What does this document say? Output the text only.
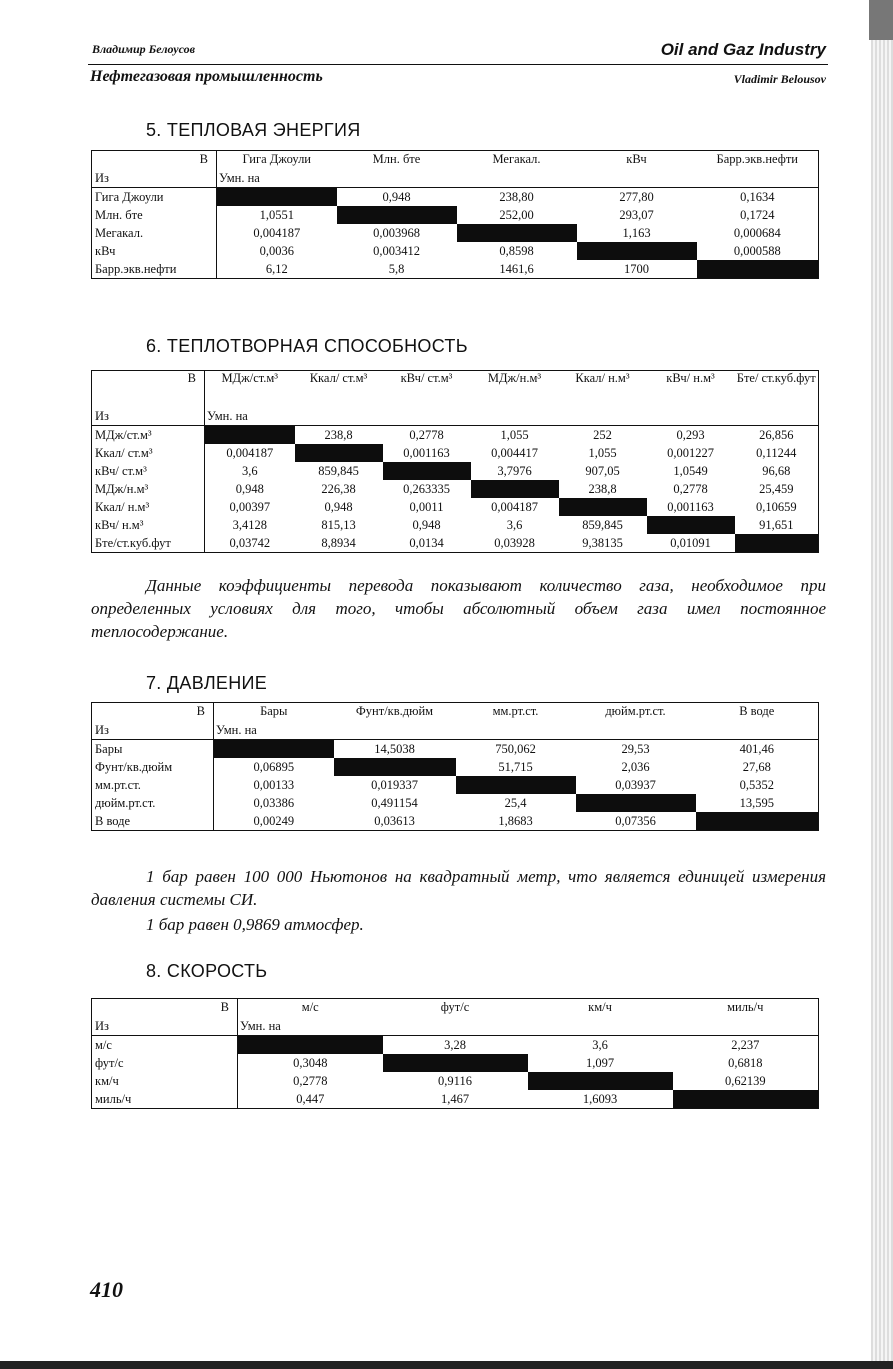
Владимир Белоусов	Oil and Gaz Industry
Нефтегазовая промышленность	Vladimir Belousov
5. ТЕПЛОВАЯ ЭНЕРГИЯ
В	Гига Джоули	Млн. бте	Мегакал.	кВч	Барр.экв.нефти
Из	Умн. на				
Гига Джоули		0,948	238,80	277,80	0,1634
Млн. бте	1,0551		252,00	293,07	0,1724
Мегакал.	0,004187	0,003968		1,163	0,000684
кВч	0,0036	0,003412	0,8598		0,000588
Барр.экв.нефти	6,12	5,8	1461,6	1700	
6. ТЕПЛОТВОРНАЯ СПОСОБНОСТЬ
В	МДж/ст.м³	Ккал/ ст.м³	кВч/ ст.м³	МДж/н.м³	Ккал/ н.м³	кВч/ н.м³	Бте/ ст.куб.фут
Из	Умн. на						
МДж/ст.м³		238,8	0,2778	1,055	252	0,293	26,856
Ккал/ ст.м³	0,004187		0,001163	0,004417	1,055	0,001227	0,11244
кВч/ ст.м³	3,6	859,845		3,7976	907,05	1,0549	96,68
МДж/н.м³	0,948	226,38	0,263335		238,8	0,2778	25,459
Ккал/ н.м³	0,00397	0,948	0,0011	0,004187		0,001163	0,10659
кВч/ н.м³	3,4128	815,13	0,948	3,6	859,845		91,651
Бте/ст.куб.фут	0,03742	8,8934	0,0134	0,03928	9,38135	0,01091	
Данные коэффициенты перевода показывают количество газа, необходимое при определенных условиях для того, чтобы абсолютный объем газа имел постоянное теплосодержание.
7. ДАВЛЕНИЕ
В	Бары	Фунт/кв.дюйм	мм.рт.ст.	дюйм.рт.ст.	В воде
Из	Умн. на				
Бары		14,5038	750,062	29,53	401,46
Фунт/кв.дюйм	0,06895		51,715	2,036	27,68
мм.рт.ст.	0,00133	0,019337		0,03937	0,5352
дюйм.рт.ст.	0,03386	0,491154	25,4		13,595
В воде	0,00249	0,03613	1,8683	0,07356	
1 бар равен 100 000 Ньютонов на квадратный метр, что является единицей измерения давления системы СИ.
1 бар равен 0,9869 атмосфер.
8. СКОРОСТЬ
В	м/с	фут/с	км/ч	миль/ч
Из	Умн. на			
м/с		3,28	3,6	2,237
фут/с	0,3048		1,097	0,6818
км/ч	0,2778	0,9116		0,62139
миль/ч	0,447	1,467	1,6093	
410
